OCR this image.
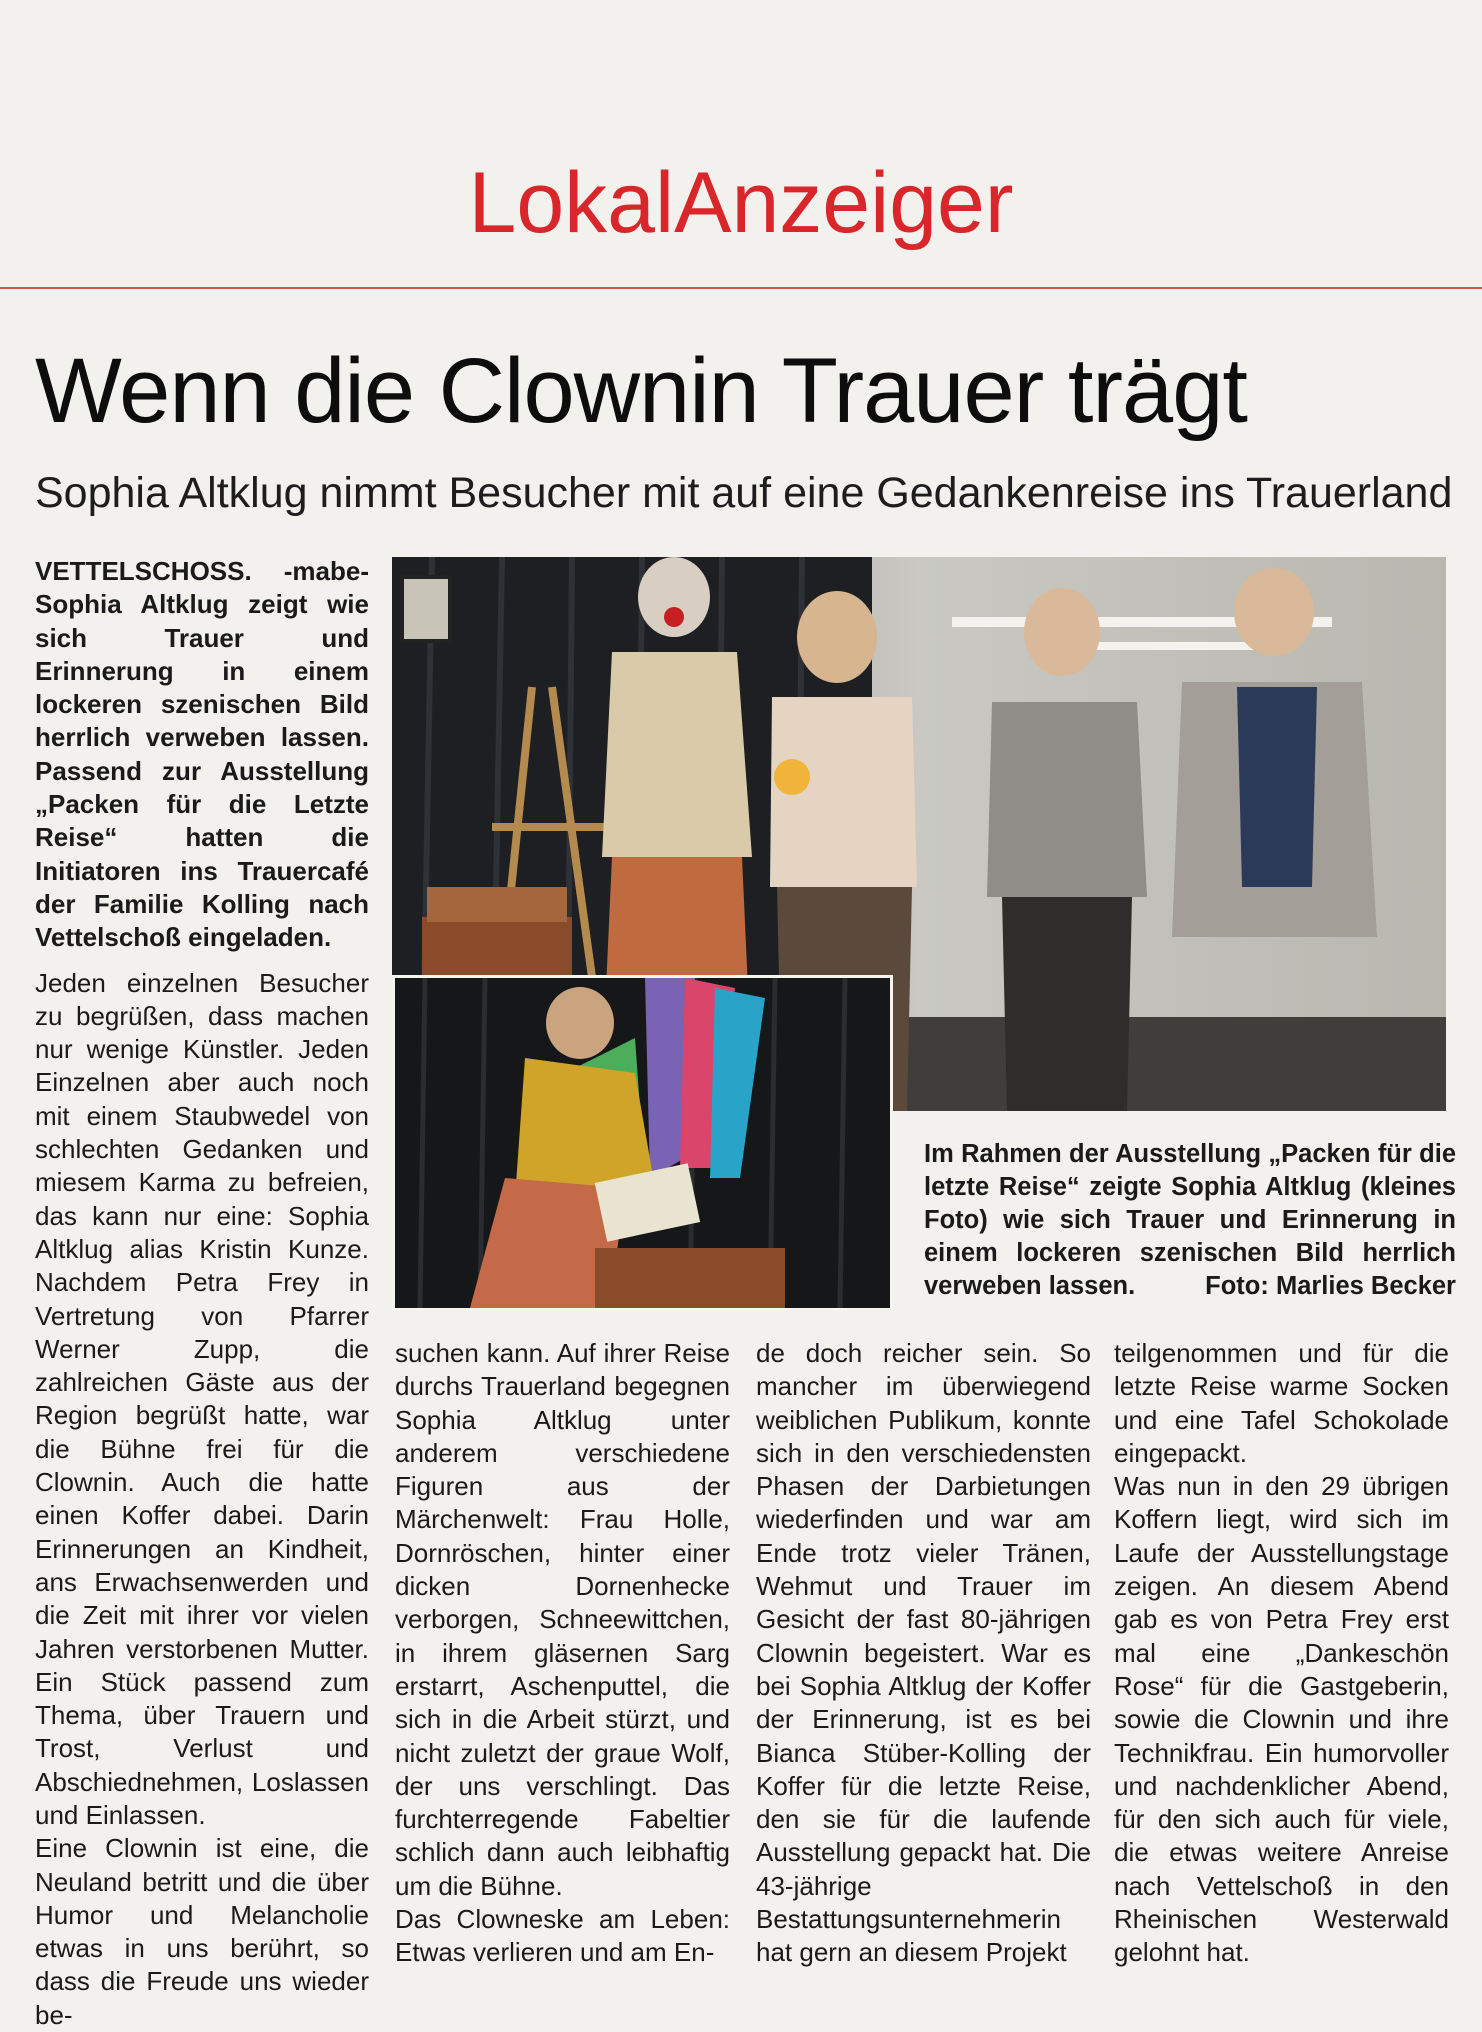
LokalAnzeiger
Wenn die Clownin Trauer trägt
Sophia Altklug nimmt Besucher mit auf eine Gedankenreise ins Trauerland

VETTELSCHOSS. -mabe- Sophia Altklug zeigt wie sich Trauer und Erinnerung in einem lockeren szenischen Bild herrlich verweben lassen. Passend zur Ausstellung „Packen für die Letzte Reise“ hatten die Initiatoren ins Trauercafé der Familie Kolling nach Vettelschoß eingeladen.

Jeden einzelnen Besucher zu begrüßen, dass machen nur wenige Künstler. Jeden Einzelnen aber auch noch mit einem Staubwedel von schlechten Gedanken und miesem Karma zu befreien, das kann nur eine: Sophia Altklug alias Kristin Kunze. Nachdem Petra Frey in Vertretung von Pfarrer Werner Zupp, die zahlreichen Gäste aus der Region begrüßt hatte, war die Bühne frei für die Clownin. Auch die hatte einen Koffer dabei. Darin Erinnerungen an Kindheit, ans Erwachsenwerden und die Zeit mit ihrer vor vielen Jahren verstorbenen Mutter. Ein Stück passend zum Thema, über Trauern und Trost, Verlust und Abschiednehmen, Loslassen und Einlassen.

Eine Clownin ist eine, die Neuland betritt und die über Humor und Melancholie etwas in uns berührt, so dass die Freude uns wieder be-

Im Rahmen der Ausstellung „Packen für die letzte Reise“ zeigte Sophia Altklug (kleines Foto) wie sich Trauer und Erinnerung in einem lockeren szenischen Bild herrlich verweben lassen.	Foto: Marlies Becker

suchen kann. Auf ihrer Reise durchs Trauerland begegnen Sophia Altklug unter anderem verschiedene Figuren aus der Märchenwelt: Frau Holle, Dornröschen, hinter einer dicken Dornenhecke verborgen, Schneewittchen, in ihrem gläsernen Sarg erstarrt, Aschenputtel, die sich in die Arbeit stürzt, und nicht zuletzt der graue Wolf, der uns verschlingt. Das furchterregende Fabeltier schlich dann auch leibhaftig um die Bühne.

Das Clowneske am Leben: Etwas verlieren und am En-

de doch reicher sein. So mancher im überwiegend weiblichen Publikum, konnte sich in den verschiedensten Phasen der Darbietungen wiederfinden und war am Ende trotz vieler Tränen, Wehmut und Trauer im Gesicht der fast 80-jährigen Clownin begeistert. War es bei Sophia Altklug der Koffer der Erinnerung, ist es bei Bianca Stüber-Kolling der Koffer für die letzte Reise, den sie für die laufende Ausstellung gepackt hat. Die 43-jährige Bestattungsunternehmerin hat gern an diesem Projekt

teilgenommen und für die letzte Reise warme Socken und eine Tafel Schokolade eingepackt.

Was nun in den 29 übrigen Koffern liegt, wird sich im Laufe der Ausstellungstage zeigen. An diesem Abend gab es von Petra Frey erst mal eine „Dankeschön Rose“ für die Gastgeberin, sowie die Clownin und ihre Technikfrau. Ein humorvoller und nachdenklicher Abend, für den sich auch für viele, die etwas weitere Anreise nach Vettelschoß in den Rheinischen Westerwald gelohnt hat.
